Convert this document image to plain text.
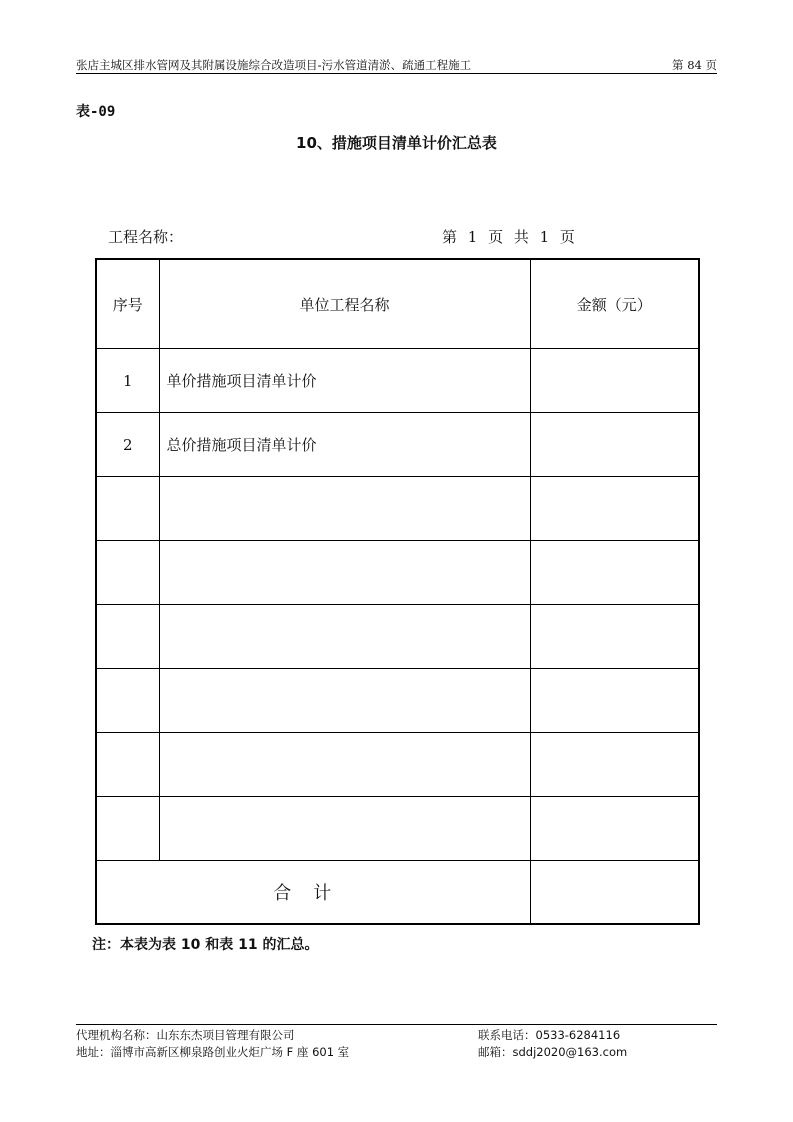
张店主城区排水管网及其附属设施综合改造项目-污水管道清淤、疏通工程施工	第 84 页
表-09
10、措施项目清单计价汇总表
工程名称：	第 1 页 共 1 页
序号	单位工程名称	金额（元）
1	单价措施项目清单计价	
2	总价措施项目清单计价	

合计		
注：本表为表 10 和表 11 的汇总。
代理机构名称：山东东杰项目管理有限公司
地址：淄博市高新区柳泉路创业火炬广场 F 座 601 室
联系电话：0533-6284116
邮箱：sddj2020@163.com
